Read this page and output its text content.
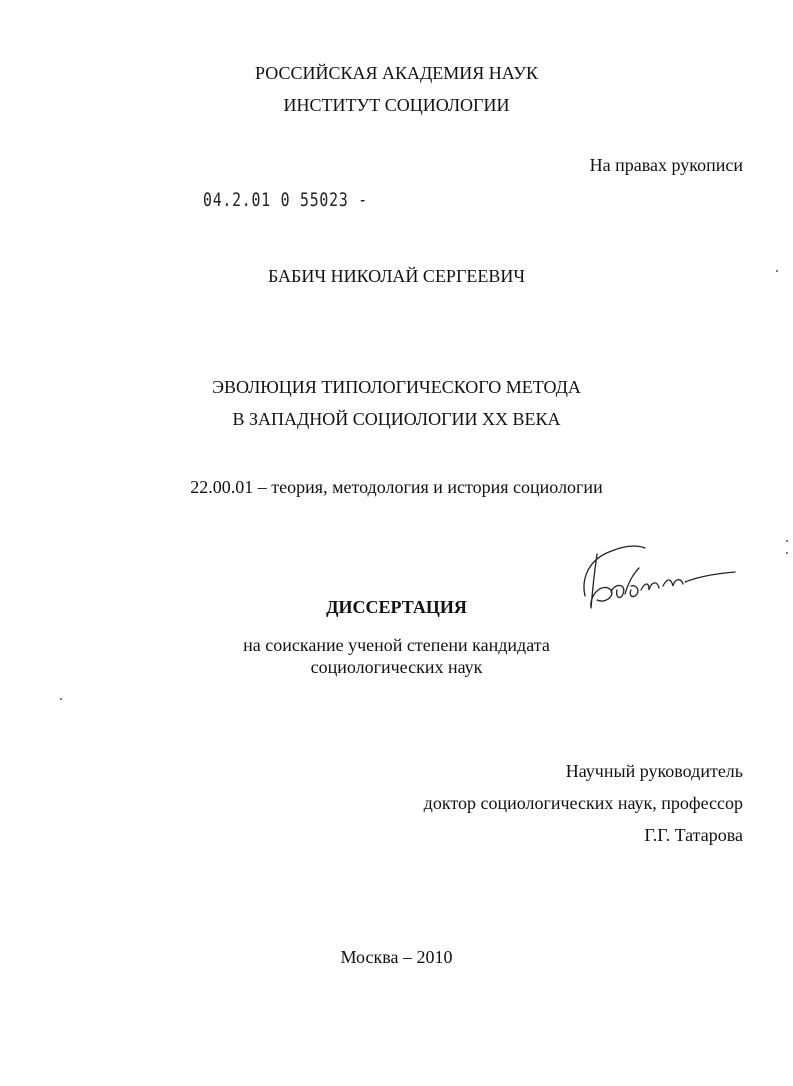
РОССИЙСКАЯ АКАДЕМИЯ НАУК
ИНСТИТУТ СОЦИОЛОГИИ
На правах рукописи
04.2.01 0 55023 -
БАБИЧ НИКОЛАЙ СЕРГЕЕВИЧ
ЭВОЛЮЦИЯ ТИПОЛОГИЧЕСКОГО МЕТОДА
В ЗАПАДНОЙ СОЦИОЛОГИИ XX ВЕКА
22.00.01 – теория, методология и история социологии
ДИССЕРТАЦИЯ
на соискание ученой степени кандидата
социологических наук
Научный руководитель
доктор социологических наук, профессор
Г.Г. Татарова
Москва – 2010
